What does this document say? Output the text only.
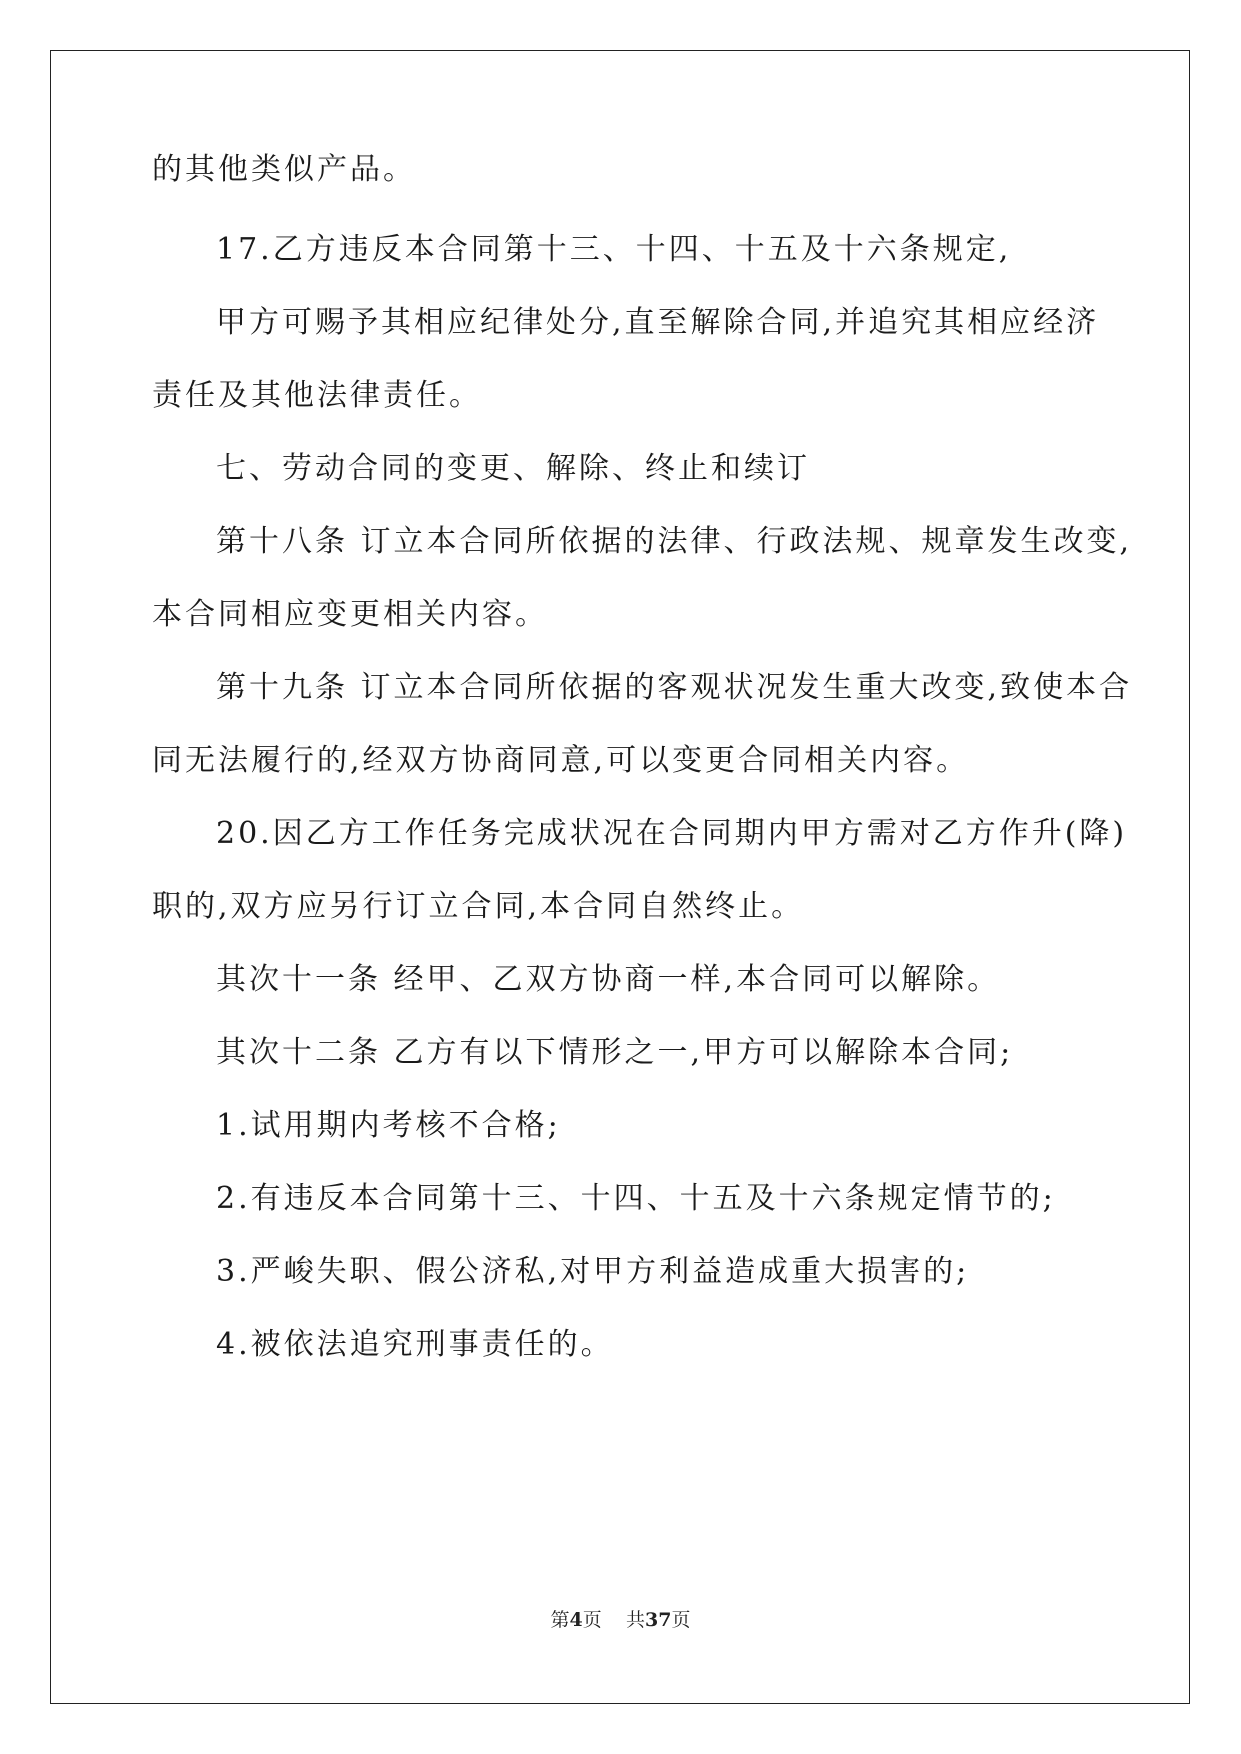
的其他类似产品。
17.乙方违反本合同第十三、十四、十五及十六条规定,
甲方可赐予其相应纪律处分,直至解除合同,并追究其相应经济
责任及其他法律责任。
七、劳动合同的变更、解除、终止和续订
第十八条 订立本合同所依据的法律、行政法规、规章发生改变,
本合同相应变更相关内容。
第十九条 订立本合同所依据的客观状况发生重大改变,致使本合
同无法履行的,经双方协商同意,可以变更合同相关内容。
20.因乙方工作任务完成状况在合同期内甲方需对乙方作升(降)
职的,双方应另行订立合同,本合同自然终止。
其次十一条 经甲、乙双方协商一样,本合同可以解除。
其次十二条 乙方有以下情形之一,甲方可以解除本合同;
1.试用期内考核不合格;
2.有违反本合同第十三、十四、十五及十六条规定情节的;
3.严峻失职、假公济私,对甲方利益造成重大损害的;
4.被依法追究刑事责任的。
第4页 共37页
